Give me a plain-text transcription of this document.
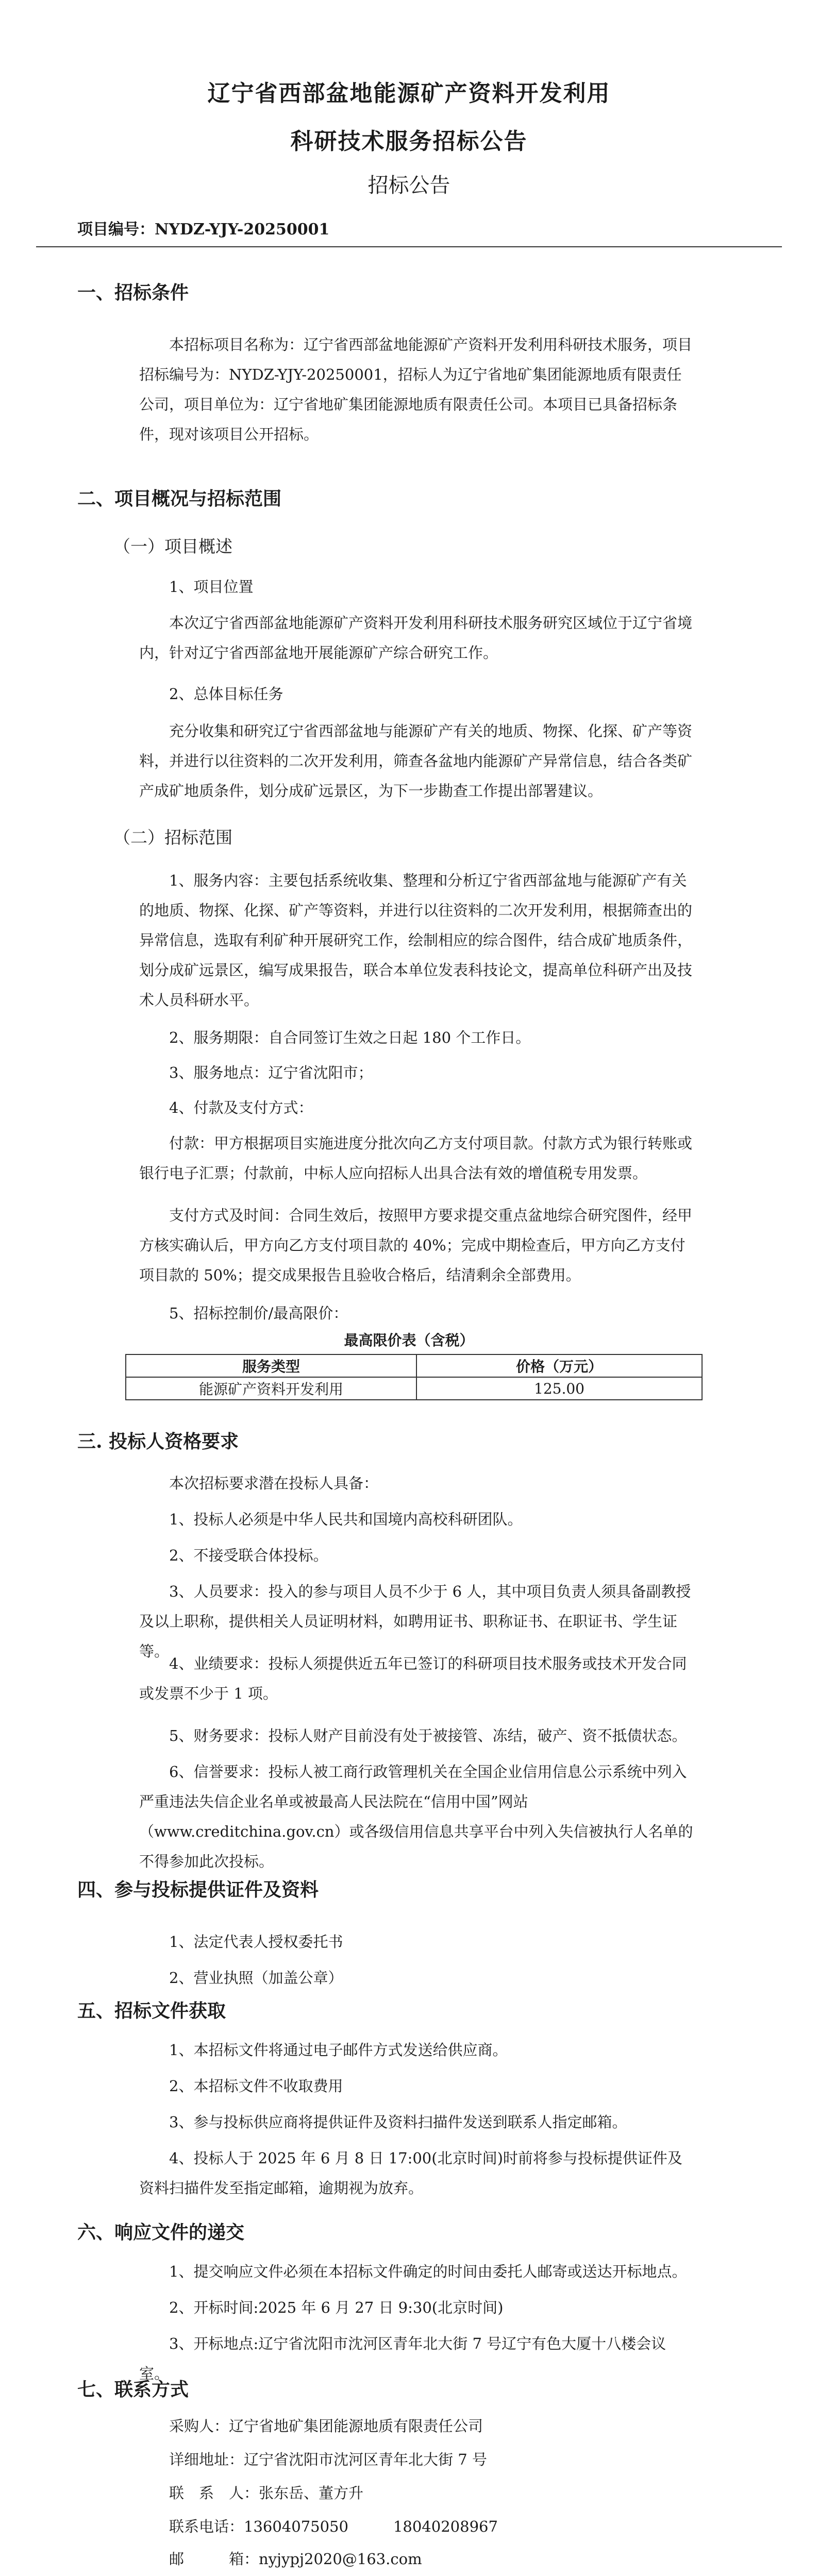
辽宁省西部盆地能源矿产资料开发利用
科研技术服务招标公告
招标公告
项目编号：NYDZ-YJY-20250001
一、招标条件
本招标项目名称为：辽宁省西部盆地能源矿产资料开发利用科研技术服务，项目招标编号为：NYDZ-YJY-20250001，招标人为辽宁省地矿集团能源地质有限责任公司，项目单位为：辽宁省地矿集团能源地质有限责任公司。本项目已具备招标条件，现对该项目公开招标。
二、项目概况与招标范围
（一）项目概述
1、项目位置
本次辽宁省西部盆地能源矿产资料开发利用科研技术服务研究区域位于辽宁省境内，针对辽宁省西部盆地开展能源矿产综合研究工作。
2、总体目标任务
充分收集和研究辽宁省西部盆地与能源矿产有关的地质、物探、化探、矿产等资料，并进行以往资料的二次开发利用，筛查各盆地内能源矿产异常信息，结合各类矿产成矿地质条件，划分成矿远景区，为下一步勘查工作提出部署建议。
（二）招标范围
1、服务内容：主要包括系统收集、整理和分析辽宁省西部盆地与能源矿产有关的地质、物探、化探、矿产等资料，并进行以往资料的二次开发利用，根据筛查出的异常信息，选取有利矿种开展研究工作，绘制相应的综合图件，结合成矿地质条件，划分成矿远景区，编写成果报告，联合本单位发表科技论文，提高单位科研产出及技术人员科研水平。
2、服务期限：自合同签订生效之日起 180 个工作日。
3、服务地点：辽宁省沈阳市；
4、付款及支付方式：
付款：甲方根据项目实施进度分批次向乙方支付项目款。付款方式为银行转账或银行电子汇票；付款前，中标人应向招标人出具合法有效的增值税专用发票。
支付方式及时间：合同生效后，按照甲方要求提交重点盆地综合研究图件，经甲方核实确认后，甲方向乙方支付项目款的 40%；完成中期检查后，甲方向乙方支付项目款的 50%；提交成果报告且验收合格后，结清剩余全部费用。
5、招标控制价/最高限价：
最高限价表（含税）
服务类型	价格（万元）
能源矿产资料开发利用	125.00
三. 投标人资格要求
本次招标要求潜在投标人具备：
1、投标人必须是中华人民共和国境内高校科研团队。
2、不接受联合体投标。
3、人员要求：投入的参与项目人员不少于 6 人，其中项目负责人须具备副教授及以上职称，提供相关人员证明材料，如聘用证书、职称证书、在职证书、学生证等。
4、业绩要求：投标人须提供近五年已签订的科研项目技术服务或技术开发合同或发票不少于 1 项。
5、财务要求：投标人财产目前没有处于被接管、冻结，破产、资不抵债状态。
6、信誉要求：投标人被工商行政管理机关在全国企业信用信息公示系统中列入严重违法失信企业名单或被最高人民法院在“信用中国”网站（www.creditchina.gov.cn）或各级信用信息共享平台中列入失信被执行人名单的不得参加此次投标。
四、参与投标提供证件及资料
1、法定代表人授权委托书
2、营业执照（加盖公章）
五、招标文件获取
1、本招标文件将通过电子邮件方式发送给供应商。
2、本招标文件不收取费用
3、参与投标供应商将提供证件及资料扫描件发送到联系人指定邮箱。
4、投标人于 2025 年 6 月 8 日 17:00(北京时间)时前将参与投标提供证件及资料扫描件发至指定邮箱，逾期视为放弃。
六、响应文件的递交
1、提交响应文件必须在本招标文件确定的时间由委托人邮寄或送达开标地点。
2、开标时间:2025 年 6 月 27 日 9:30(北京时间)
3、开标地点:辽宁省沈阳市沈河区青年北大街 7 号辽宁有色大厦十八楼会议室。
七、联系方式
采购人：辽宁省地矿集团能源地质有限责任公司
详细地址：辽宁省沈阳市沈河区青年北大街 7 号
联　系　人：张东岳、董方升
联系电话：13604075050　　　18040208967
邮　　　箱：nyjypj2020@163.com
